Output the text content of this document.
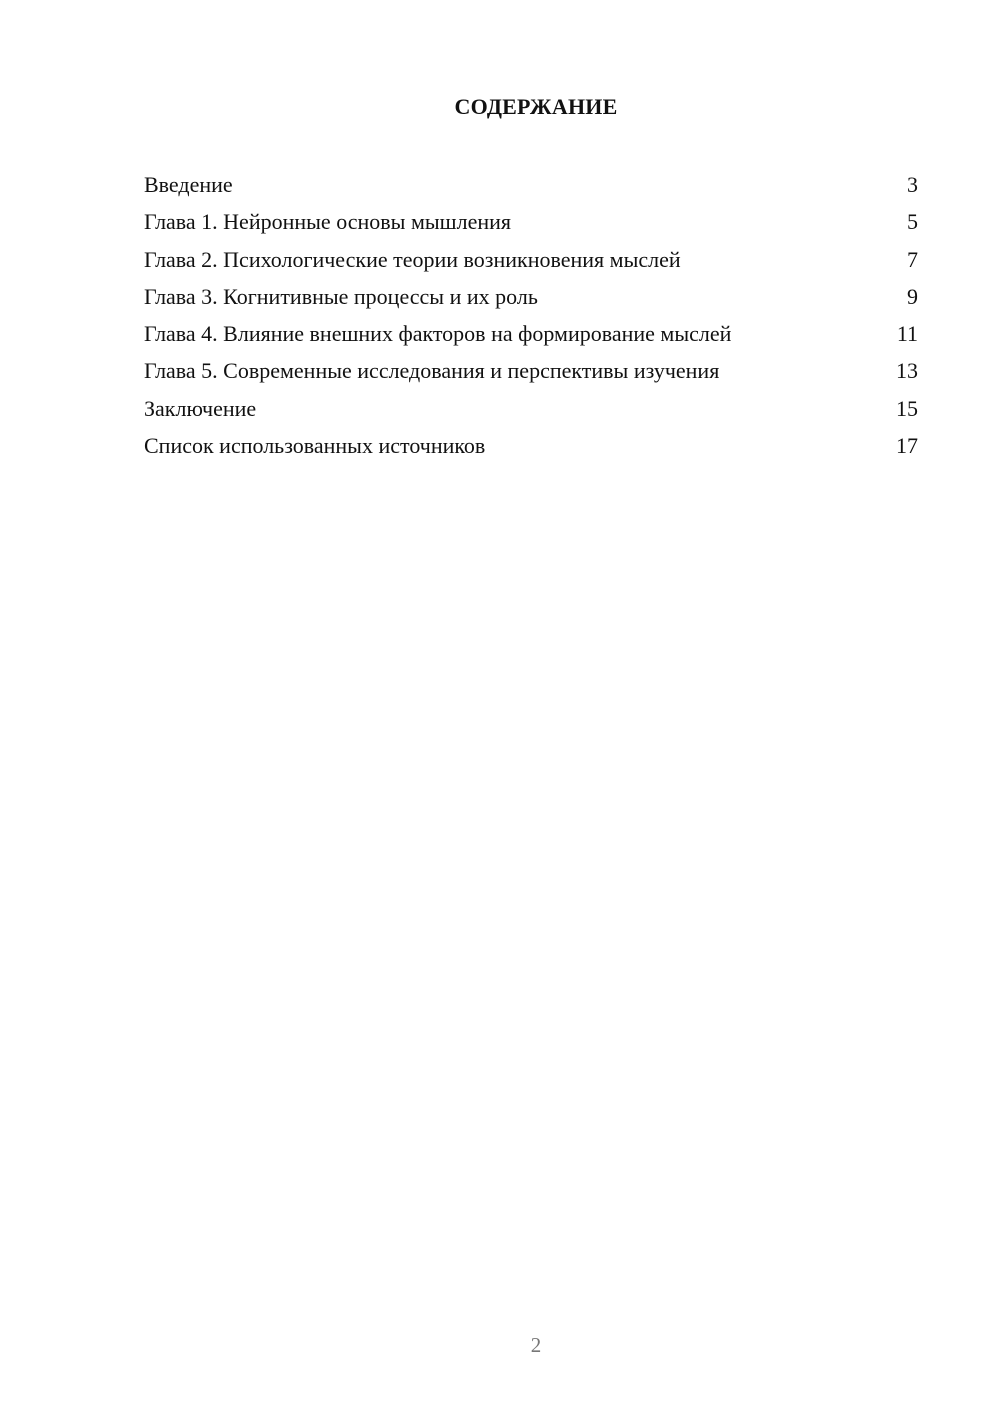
СОДЕРЖАНИЕ
Введение	3
Глава 1. Нейронные основы мышления	5
Глава 2. Психологические теории возникновения мыслей	7
Глава 3. Когнитивные процессы и их роль	9
Глава 4. Влияние внешних факторов на формирование мыслей	11
Глава 5. Современные исследования и перспективы изучения	13
Заключение	15
Список использованных источников	17
2
